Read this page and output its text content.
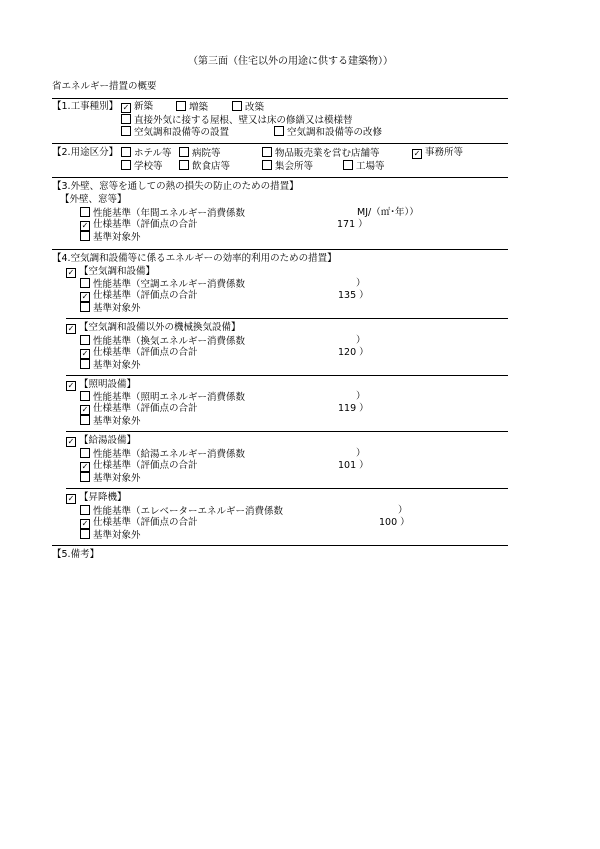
（第三面（住宅以外の用途に供する建築物））
省エネルギー措置の概要
【1.工事種別】 ✓	新築	増築	改築
直接外気に接する屋根、壁又は床の修繕又は模様替
空気調和設備等の設置	空気調和設備等の改修
【2.用途区分】	ホテル等	病院等	物品販売業を営む店舗等 ✓	事務所等
学校等	飲食店等	集会所等	工場等
【3.外壁、窓等を通しての熱の損失の防止のための措置】
【外壁、窓等】
性能基準（年間エネルギー消費係数	MJ/（㎡･年））
✓仕様基準（評価点の合計	171 ）
基準対象外
【4.空気調和設備等に係るエネルギーの効率的利用のための措置】
✓【空気調和設備】
性能基準（空調エネルギー消費係数	）
✓仕様基準（評価点の合計	135 ）
基準対象外
✓【空気調和設備以外の機械換気設備】
性能基準（換気エネルギー消費係数	）
✓仕様基準（評価点の合計	120 ）
基準対象外
✓【照明設備】
性能基準（照明エネルギー消費係数	）
✓仕様基準（評価点の合計	119 ）
基準対象外
✓【給湯設備】
性能基準（給湯エネルギー消費係数	）
✓仕様基準（評価点の合計	101 ）
基準対象外
✓【昇降機】
性能基準（エレベーターエネルギー消費係数	）
✓仕様基準（評価点の合計	100 ）
基準対象外
【5.備考】
